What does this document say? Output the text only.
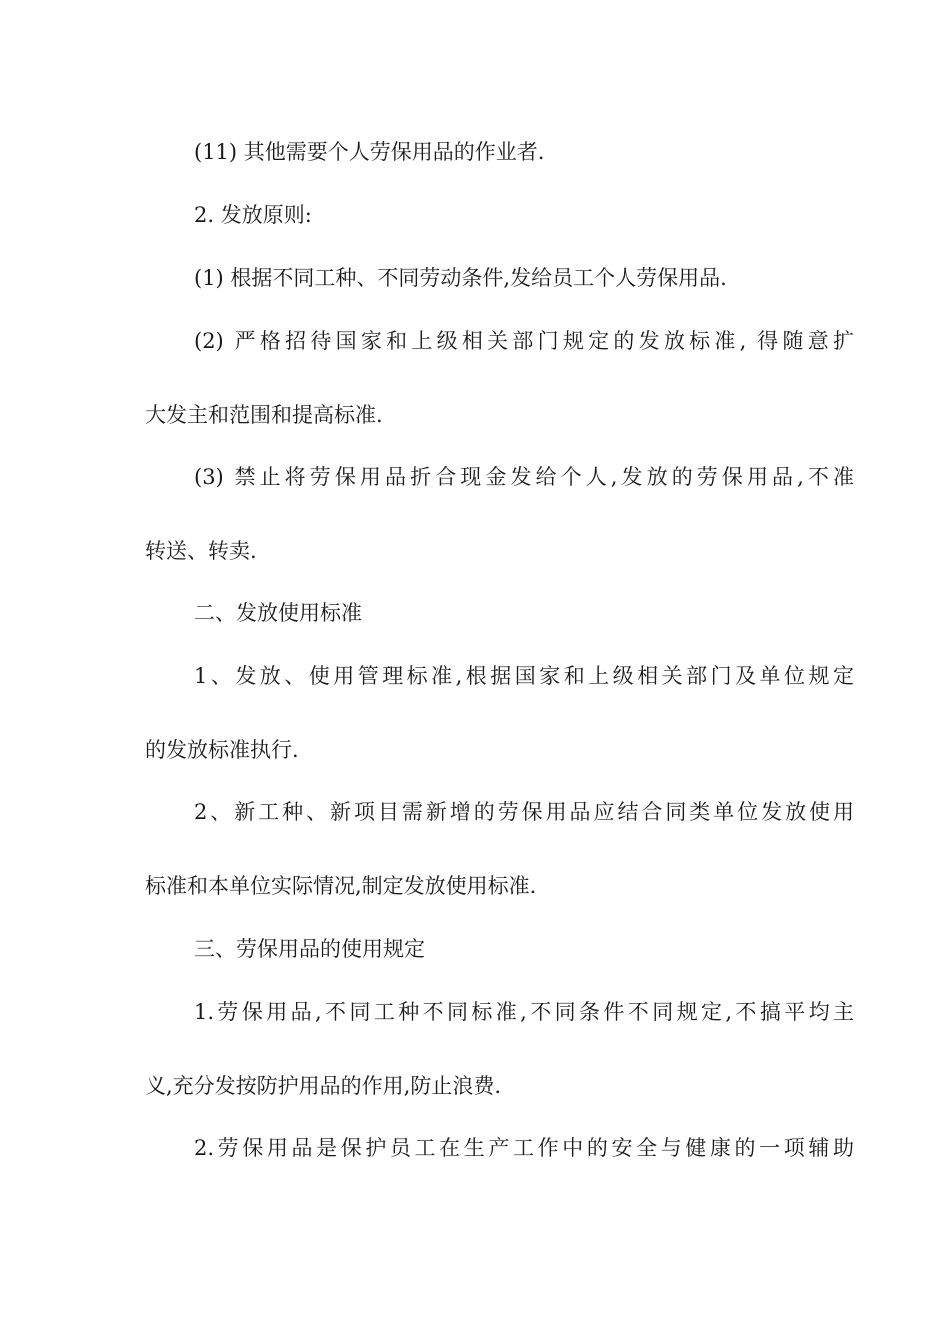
(11) 其他需要个人劳保用品的作业者.
2. 发放原则:
(1) 根据不同工种、不同劳动条件,发给员工个人劳保用品.
(2) 严格招待国家和上级相关部门规定的发放标准, 得随意扩
大发主和范围和提高标准.
(3) 禁止将劳保用品折合现金发给个人,发放的劳保用品,不准
转送、转卖.
二、发放使用标准
1、发放、使用管理标准,根据国家和上级相关部门及单位规定
的发放标准执行.
2、新工种、新项目需新增的劳保用品应结合同类单位发放使用
标准和本单位实际情况,制定发放使用标准.
三、劳保用品的使用规定
1.劳保用品,不同工种不同标准,不同条件不同规定,不搞平均主
义,充分发按防护用品的作用,防止浪费.
2.劳保用品是保护员工在生产工作中的安全与健康的一项辅助
